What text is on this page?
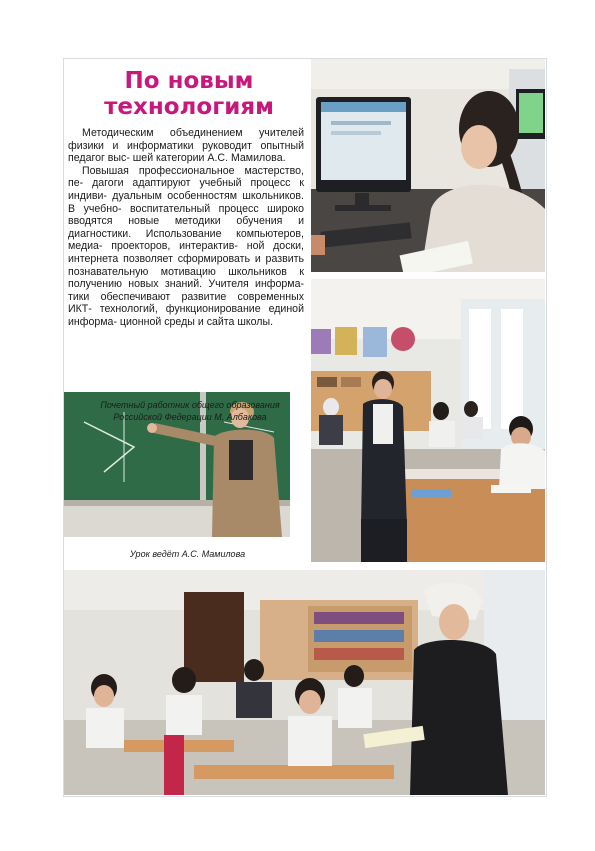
По новым
технологиям

Методическим объединением учителей физики и информатики руководит опытный педагог выс- шей категории А.С. Мамилова.

Повышая профессиональное мастерство, пе- дагоги адаптируют учебный процесс к индиви- дуальным особенностям школьников. В учебно- воспитательный процесс широко вводятся новые методики обучения и диагностики. Использование компьютеров, медиа- проекторов, интерактив- ной доски, интернета позволяет сформировать и развить познавательную мотивацию школьников к получению новых знаний. Учителя информа- тики обеспечивают развитие современных ИКТ- технологий, функционирование единой информа- ционной среды и сайта школы.

Почетный работник общего образования Российской Федерации М. Албакова
Урок ведёт А.С. Мамилова
